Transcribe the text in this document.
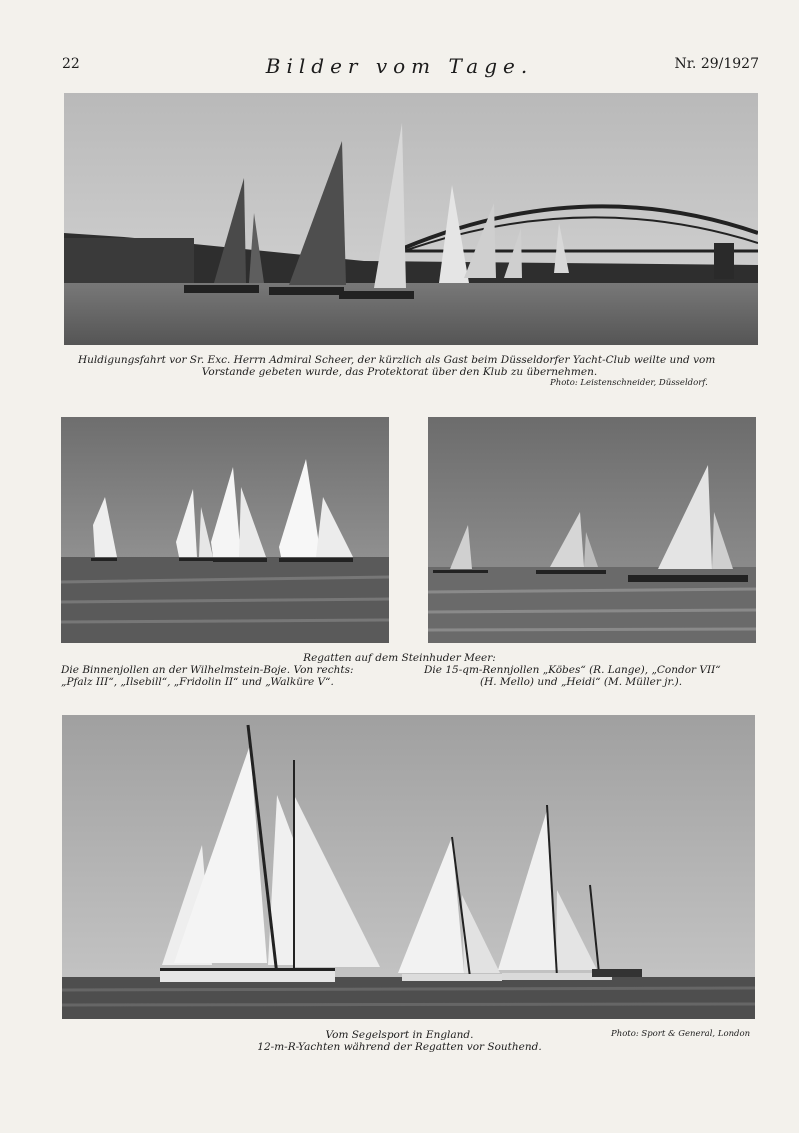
22	Bilder vom Tage.	Nr. 29/1927
Huldigungsfahrt vor Sr. Exc. Herrn Admiral Scheer, der kürzlich als Gast beim Düsseldorfer Yacht-Club weilte und vom
Vorstande gebeten wurde, das Protektorat über den Klub zu übernehmen.
Photo: Leistenschneider, Düsseldorf.
Regatten auf dem Steinhuder Meer:
Die Binnenjollen an der Wilhelmstein-Boje. Von rechts:
„Pfalz III“, „Ilsebill“, „Fridolin II“ und „Walküre V“.
Die 15-qm-Rennjollen „Köbes“ (R. Lange), „Condor VII“
(H. Mello) und „Heidi“ (M. Müller jr.).
Vom Segelsport in England.
12-m-R-Yachten während der Regatten vor Southend.
Photo: Sport & General, London
